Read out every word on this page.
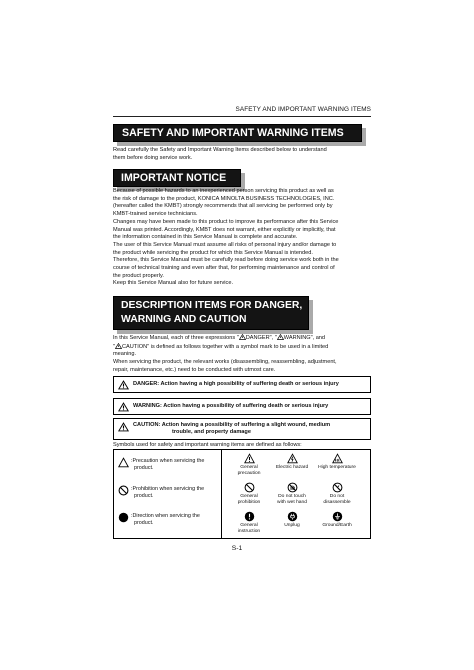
SAFETY AND IMPORTANT WARNING ITEMS
SAFETY AND IMPORTANT WARNING ITEMS
Read carefully the Safety and Important Warning Items described below to understand
them before doing service work.
IMPORTANT NOTICE
Because of possible hazards to an inexperienced person servicing this product as well as
the risk of damage to the product, KONICA MINOLTA BUSINESS TECHNOLOGIES, INC.
(hereafter called the KMBT) strongly recommends that all servicing be performed only by
KMBT-trained service technicians.
Changes may have been made to this product to improve its performance after this Service
Manual was printed. Accordingly, KMBT does not warrant, either explicitly or implicitly, that
the information contained in this Service Manual is complete and accurate.
The user of this Service Manual must assume all risks of personal injury and/or damage to
the product while servicing the product for which this Service Manual is intended.
Therefore, this Service Manual must be carefully read before doing service work both in the
course of technical training and even after that, for performing maintenance and control of
the product properly.
Keep this Service Manual also for future service.
DESCRIPTION ITEMS FOR DANGER,
WARNING AND CAUTION
In this Service Manual, each of three expressions " DANGER", " WARNING", and
" CAUTION" is defined as follows together with a symbol mark to be used in a limited
meaning.
When servicing the product, the relevant works (disassembling, reassembling, adjustment,
repair, maintenance, etc.) need to be conducted with utmost care.
DANGER: Action having a high possibility of suffering death or serious injury
WARNING: Action having a possibility of suffering death or serious injury
CAUTION: Action having a possibility of suffering a slight wound, medium
trouble, and property damage
Symbols used for safety and important warning items are defined as follows:
:Precaution when servicing the
product.
:Prohibition when servicing the
product.
:Direction when servicing the
product.
General
precaution
Electric hazard	High temperature
General
prohibition
Do not touch
with wet hand
Do not
disassemble
General
instruction
Unplug	Ground/Earth
S-1
